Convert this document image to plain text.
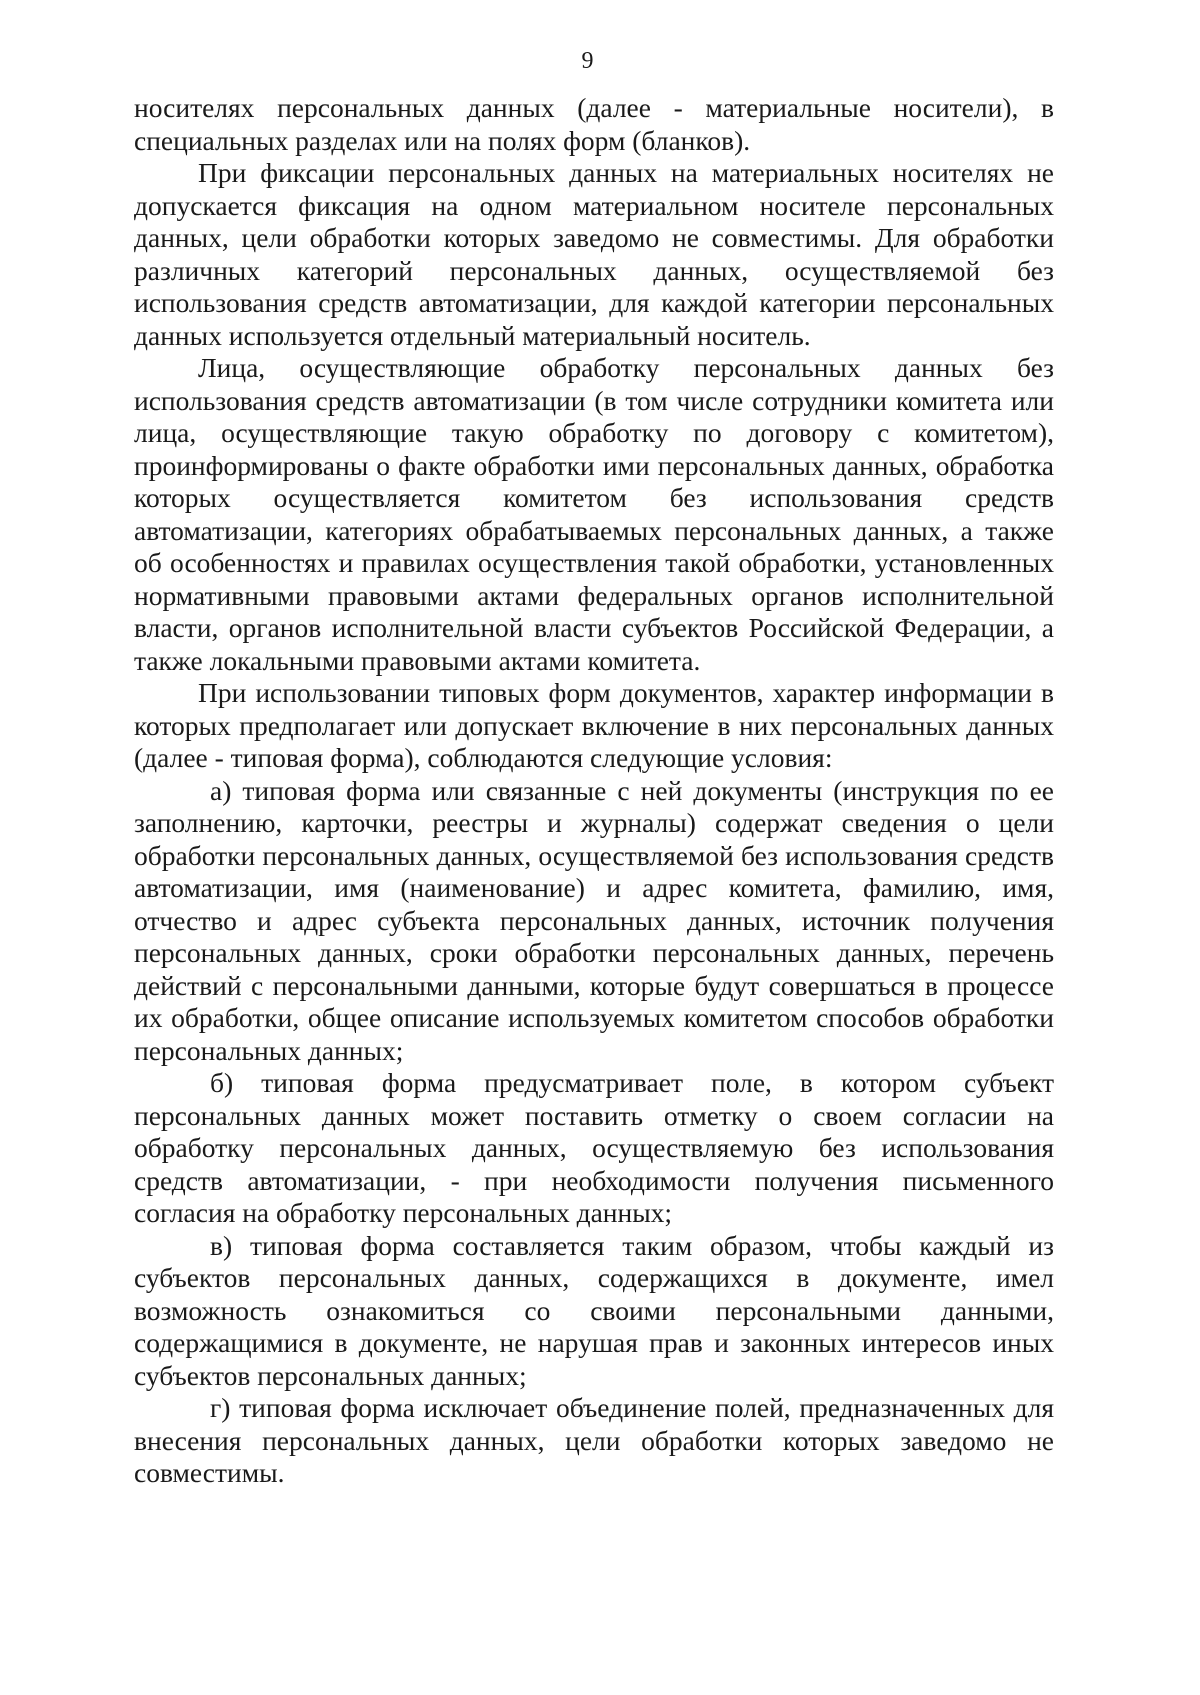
9

носителях персональных данных (далее - материальные носители), в специальных разделах или на полях форм (бланков).

При фиксации персональных данных на материальных носителях не допускается фиксация на одном материальном носителе персональных данных, цели обработки которых заведомо не совместимы. Для обработки различных категорий персональных данных, осуществляемой без использования средств автоматизации, для каждой категории персональных данных используется отдельный материальный носитель.

Лица, осуществляющие обработку персональных данных без использования средств автоматизации (в том числе сотрудники комитета или лица, осуществляющие такую обработку по договору с комитетом), проинформированы о факте обработки ими персональных данных, обработка которых осуществляется комитетом без использования средств автоматизации, категориях обрабатываемых персональных данных, а также об особенностях и правилах осуществления такой обработки, установленных нормативными правовыми актами федеральных органов исполнительной власти, органов исполнительной власти субъектов Российской Федерации, а также локальными правовыми актами комитета.

При использовании типовых форм документов, характер информации в которых предполагает или допускает включение в них персональных данных (далее - типовая форма), соблюдаются следующие условия:

а) типовая форма или связанные с ней документы (инструкция по ее заполнению, карточки, реестры и журналы) содержат сведения о цели обработки персональных данных, осуществляемой без использования средств автоматизации, имя (наименование) и адрес комитета, фамилию, имя, отчество и адрес субъекта персональных данных, источник получения персональных данных, сроки обработки персональных данных, перечень действий с персональными данными, которые будут совершаться в процессе их обработки, общее описание используемых комитетом способов обработки персональных данных;

б) типовая форма предусматривает поле, в котором субъект персональных данных может поставить отметку о своем согласии на обработку персональных данных, осуществляемую без использования средств автоматизации, - при необходимости получения письменного согласия на обработку персональных данных;

в) типовая форма составляется таким образом, чтобы каждый из субъектов персональных данных, содержащихся в документе, имел возможность ознакомиться со своими персональными данными, содержащимися в документе, не нарушая прав и законных интересов иных субъектов персональных данных;

г) типовая форма исключает объединение полей, предназначенных для внесения персональных данных, цели обработки которых заведомо не совместимы.
